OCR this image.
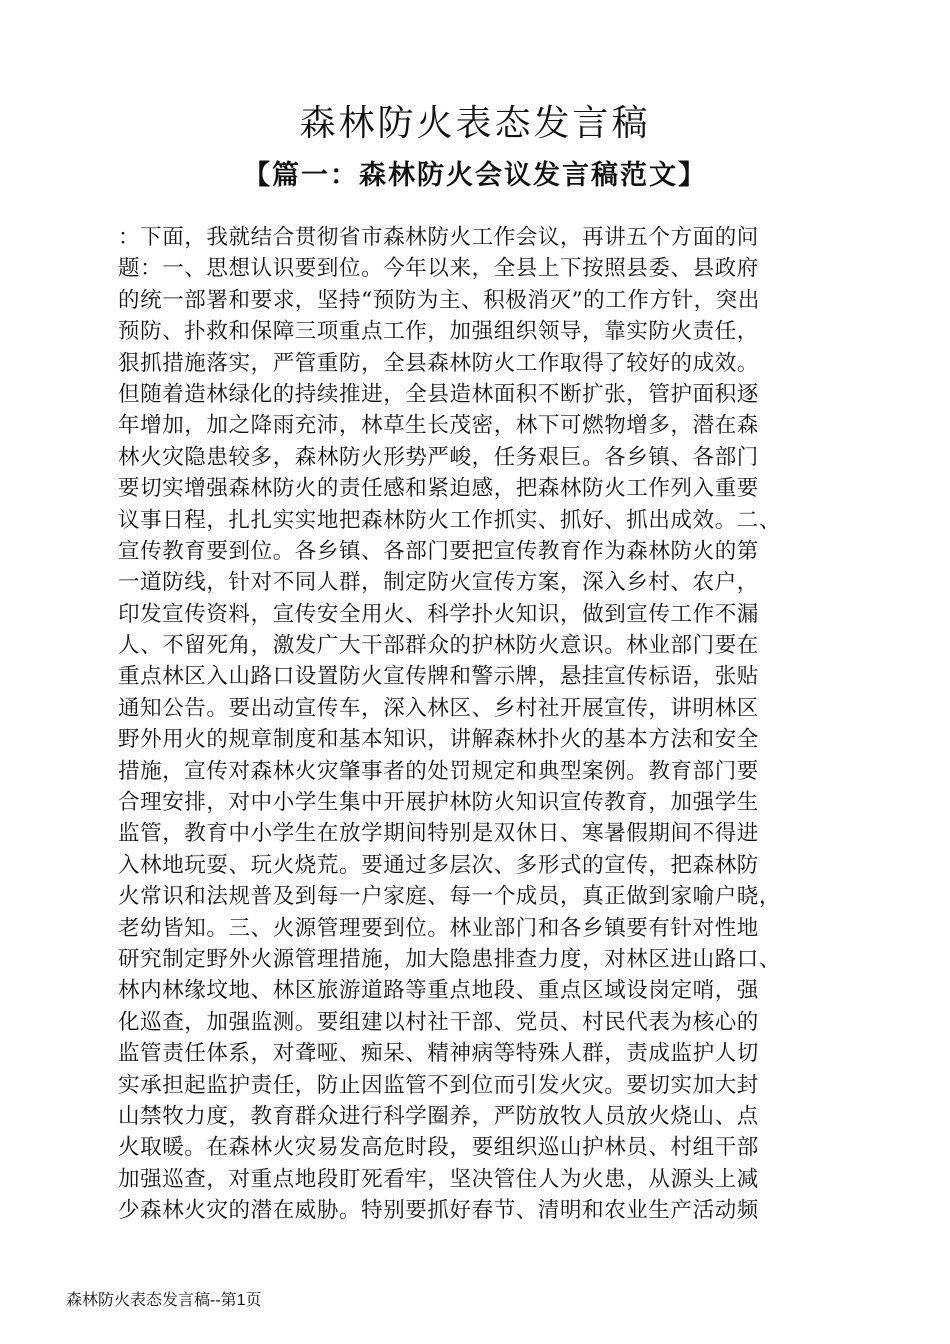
森林防火表态发言稿
【篇一：森林防火会议发言稿范文】
：下面，我就结合贯彻省市森林防火工作会议，再讲五个方面的问
题：一、思想认识要到位。今年以来，全县上下按照县委、县政府
的统一部署和要求，坚持“预防为主、积极消灭”的工作方针，突出
预防、扑救和保障三项重点工作，加强组织领导，靠实防火责任，
狠抓措施落实，严管重防，全县森林防火工作取得了较好的成效。
但随着造林绿化的持续推进，全县造林面积不断扩张，管护面积逐
年增加，加之降雨充沛，林草生长茂密，林下可燃物增多，潜在森
林火灾隐患较多，森林防火形势严峻，任务艰巨。各乡镇、各部门
要切实增强森林防火的责任感和紧迫感，把森林防火工作列入重要
议事日程，扎扎实实地把森林防火工作抓实、抓好、抓出成效。二、
宣传教育要到位。各乡镇、各部门要把宣传教育作为森林防火的第
一道防线，针对不同人群，制定防火宣传方案，深入乡村、农户，
印发宣传资料，宣传安全用火、科学扑火知识，做到宣传工作不漏
人、不留死角，激发广大干部群众的护林防火意识。林业部门要在
重点林区入山路口设置防火宣传牌和警示牌，悬挂宣传标语，张贴
通知公告。要出动宣传车，深入林区、乡村社开展宣传，讲明林区
野外用火的规章制度和基本知识，讲解森林扑火的基本方法和安全
措施，宣传对森林火灾肇事者的处罚规定和典型案例。教育部门要
合理安排，对中小学生集中开展护林防火知识宣传教育，加强学生
监管，教育中小学生在放学期间特别是双休日、寒暑假期间不得进
入林地玩耍、玩火烧荒。要通过多层次、多形式的宣传，把森林防
火常识和法规普及到每一户家庭、每一个成员，真正做到家喻户晓，
老幼皆知。三、火源管理要到位。林业部门和各乡镇要有针对性地
研究制定野外火源管理措施，加大隐患排查力度，对林区进山路口、
林内林缘坟地、林区旅游道路等重点地段、重点区域设岗定哨，强
化巡查，加强监测。要组建以村社干部、党员、村民代表为核心的
监管责任体系，对聋哑、痴呆、精神病等特殊人群，责成监护人切
实承担起监护责任，防止因监管不到位而引发火灾。要切实加大封
山禁牧力度，教育群众进行科学圈养，严防放牧人员放火烧山、点
火取暖。在森林火灾易发高危时段，要组织巡山护林员、村组干部
加强巡查，对重点地段盯死看牢，坚决管住人为火患，从源头上减
少森林火灾的潜在威胁。特别要抓好春节、清明和农业生产活动频
森林防火表态发言稿--第1页
